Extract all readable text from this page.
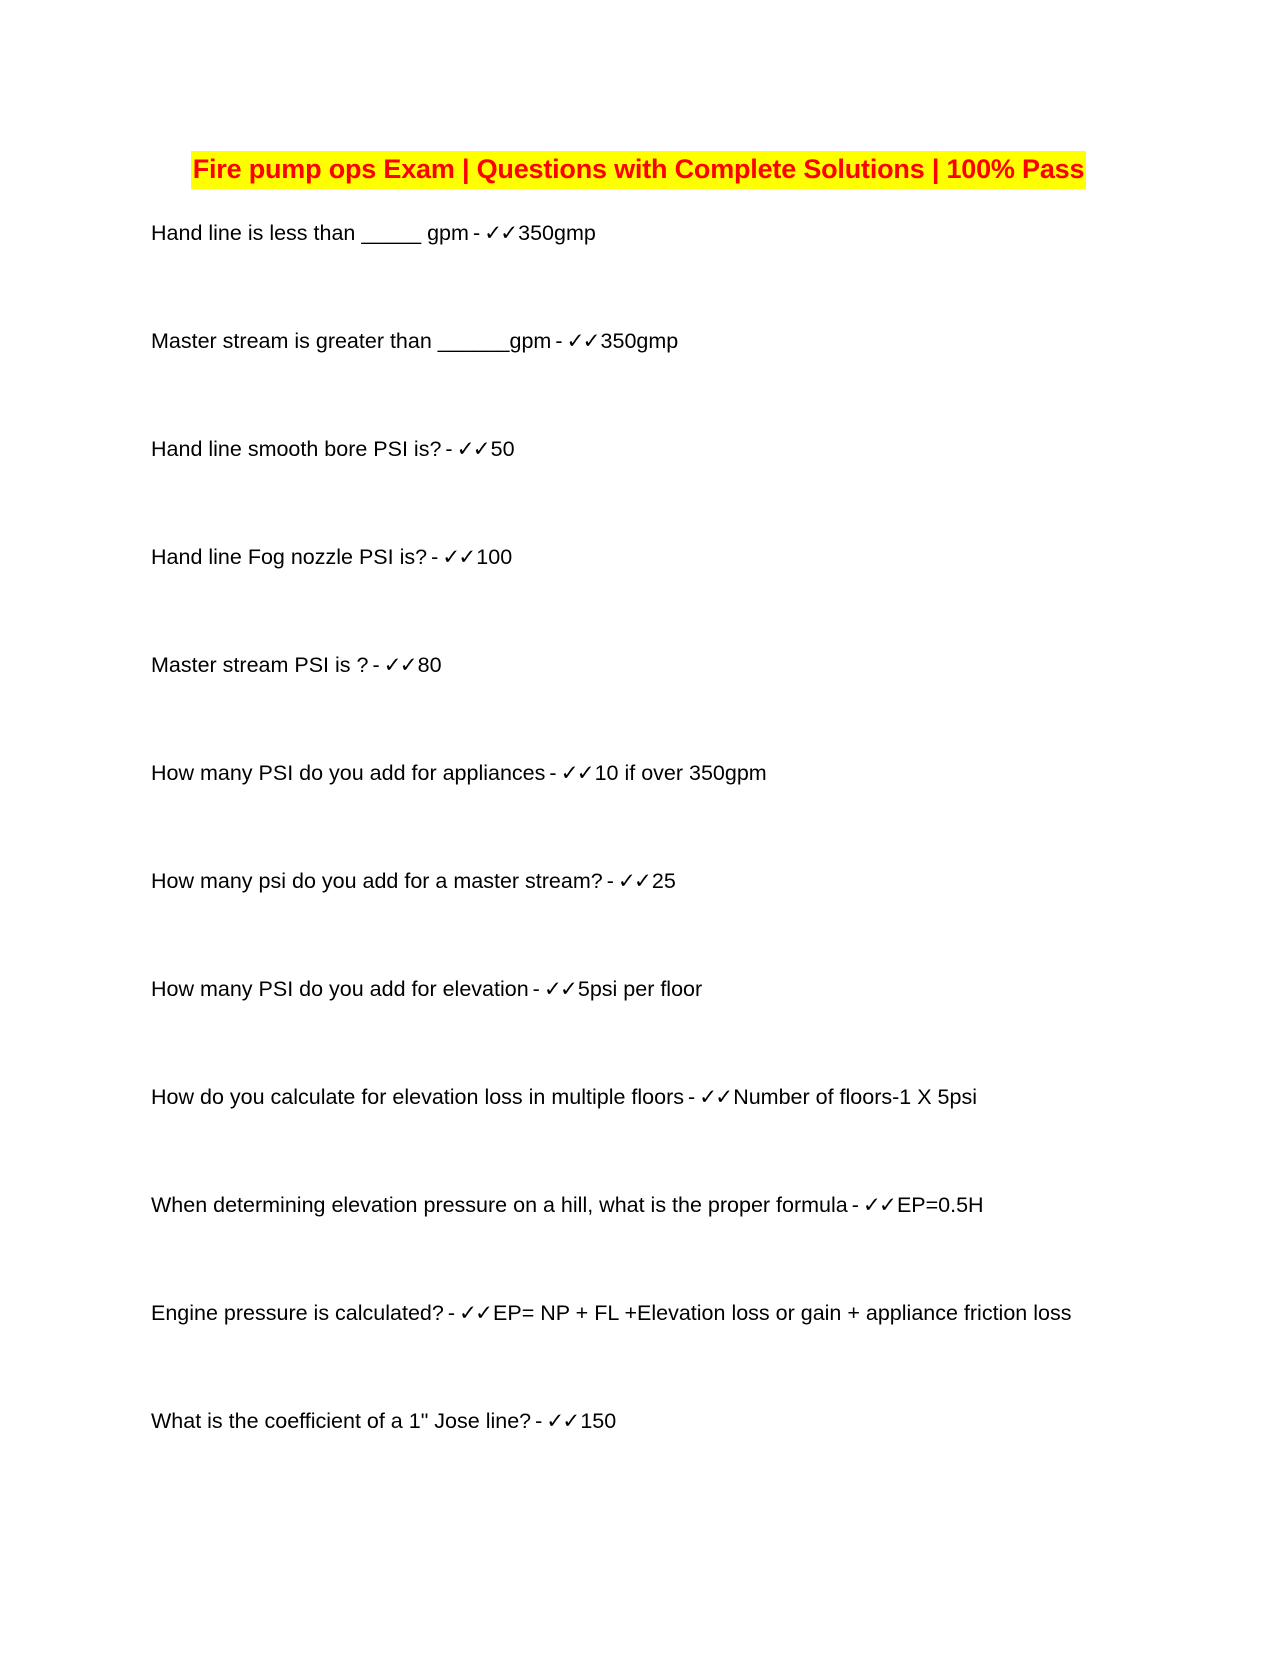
Fire pump ops Exam | Questions with Complete Solutions | 100% Pass
Hand line is less than _____ gpm - ✓✓350gmp
Master stream is greater than ______gpm - ✓✓350gmp
Hand line smooth bore PSI is? - ✓✓50
Hand line Fog nozzle PSI is? - ✓✓100
Master stream PSI is ? - ✓✓80
How many PSI do you add for appliances - ✓✓10 if over 350gpm
How many psi do you add for a master stream? - ✓✓25
How many PSI do you add for elevation - ✓✓5psi per floor
How do you calculate for elevation loss in multiple floors - ✓✓Number of floors-1 X 5psi
When determining elevation pressure on a hill, what is the proper formula - ✓✓EP=0.5H
Engine pressure is calculated? - ✓✓EP= NP + FL +Elevation loss or gain + appliance friction loss
What is the coefficient of a 1" Jose line? - ✓✓150
